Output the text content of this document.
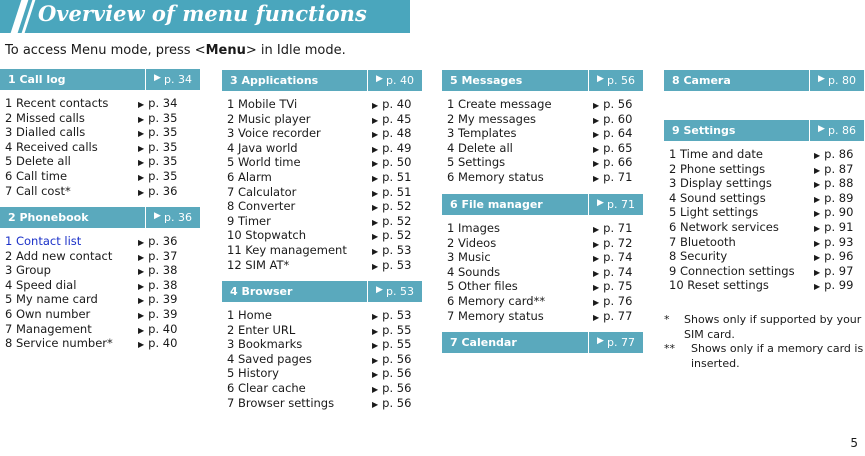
Overview of menu functions
To access Menu mode, press <Menu> in Idle mode.
1 Call log	▶ p. 34
1 Recent contacts	▶ p. 34
2 Missed calls	▶ p. 35
3 Dialled calls	▶ p. 35
4 Received calls	▶ p. 35
5 Delete all	▶ p. 35
6 Call time	▶ p. 35
7 Call cost*	▶ p. 36
2 Phonebook	▶ p. 36
1 Contact list	▶ p. 36
2 Add new contact	▶ p. 37
3 Group	▶ p. 38
4 Speed dial	▶ p. 38
5 My name card	▶ p. 39
6 Own number	▶ p. 39
7 Management	▶ p. 40
8 Service number*	▶ p. 40
3 Applications	▶ p. 40
1 Mobile TVi	▶ p. 40
2 Music player	▶ p. 45
3 Voice recorder	▶ p. 48
4 Java world	▶ p. 49
5 World time	▶ p. 50
6 Alarm	▶ p. 51
7 Calculator	▶ p. 51
8 Converter	▶ p. 52
9 Timer	▶ p. 52
10 Stopwatch	▶ p. 52
11 Key management	▶ p. 53
12 SIM AT*	▶ p. 53
4 Browser	▶ p. 53
1 Home	▶ p. 53
2 Enter URL	▶ p. 55
3 Bookmarks	▶ p. 55
4 Saved pages	▶ p. 56
5 History	▶ p. 56
6 Clear cache	▶ p. 56
7 Browser settings	▶ p. 56
5 Messages	▶ p. 56
1 Create message	▶ p. 56
2 My messages	▶ p. 60
3 Templates	▶ p. 64
4 Delete all	▶ p. 65
5 Settings	▶ p. 66
6 Memory status	▶ p. 71
6 File manager	▶ p. 71
1 Images	▶ p. 71
2 Videos	▶ p. 72
3 Music	▶ p. 74
4 Sounds	▶ p. 74
5 Other files	▶ p. 75
6 Memory card**	▶ p. 76
7 Memory status	▶ p. 77
7 Calendar	▶ p. 77
8 Camera	▶ p. 80
9 Settings	▶ p. 86
1 Time and date	▶ p. 86
2 Phone settings	▶ p. 87
3 Display settings	▶ p. 88
4 Sound settings	▶ p. 89
5 Light settings	▶ p. 90
6 Network services	▶ p. 91
7 Bluetooth	▶ p. 93
8 Security	▶ p. 96
9 Connection settings ▶ p. 97
10 Reset settings	▶ p. 99
*	Shows only if supported by your SIM card.
**	Shows only if a memory card is inserted.
5
